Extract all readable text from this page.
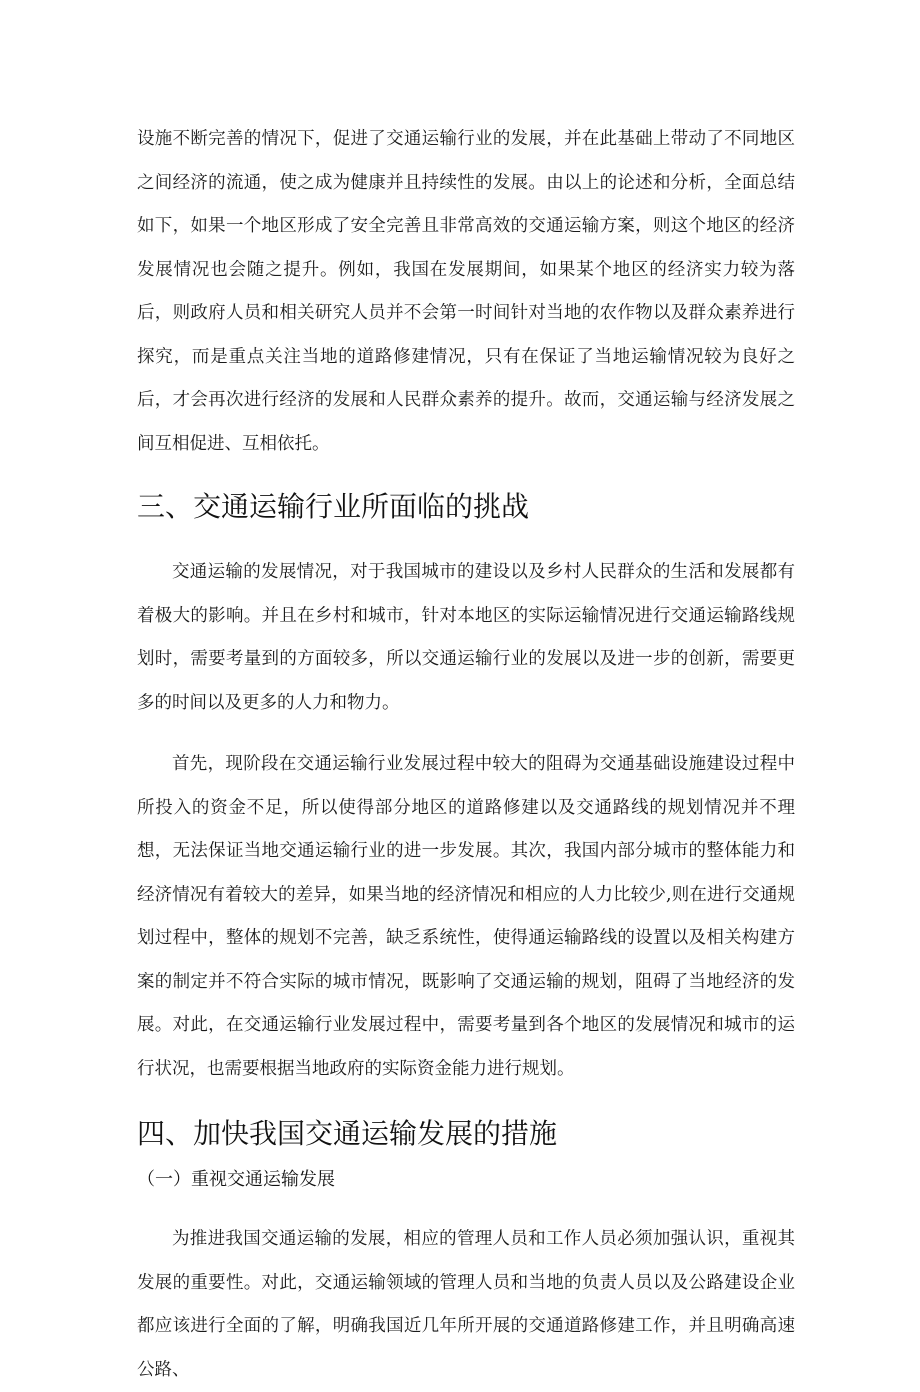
设施不断完善的情况下，促进了交通运输行业的发展，并在此基础上带动了不同地区之间经济的流通，使之成为健康并且持续性的发展。由以上的论述和分析，全面总结如下，如果一个地区形成了安全完善且非常高效的交通运输方案，则这个地区的经济发展情况也会随之提升。例如，我国在发展期间，如果某个地区的经济实力较为落后，则政府人员和相关研究人员并不会第一时间针对当地的农作物以及群众素养进行探究，而是重点关注当地的道路修建情况，只有在保证了当地运输情况较为良好之后，才会再次进行经济的发展和人民群众素养的提升。故而，交通运输与经济发展之间互相促进、互相依托。

三、交通运输行业所面临的挑战

交通运输的发展情况，对于我国城市的建设以及乡村人民群众的生活和发展都有着极大的影响。并且在乡村和城市，针对本地区的实际运输情况进行交通运输路线规划时，需要考量到的方面较多，所以交通运输行业的发展以及进一步的创新，需要更多的时间以及更多的人力和物力。

首先，现阶段在交通运输行业发展过程中较大的阻碍为交通基础设施建设过程中所投入的资金不足，所以使得部分地区的道路修建以及交通路线的规划情况并不理想，无法保证当地交通运输行业的进一步发展。其次，我国内部分城市的整体能力和经济情况有着较大的差异，如果当地的经济情况和相应的人力比较少,则在进行交通规划过程中，整体的规划不完善，缺乏系统性，使得通运输路线的设置以及相关构建方案的制定并不符合实际的城市情况，既影响了交通运输的规划，阻碍了当地经济的发展。对此，在交通运输行业发展过程中，需要考量到各个地区的发展情况和城市的运行状况，也需要根据当地政府的实际资金能力进行规划。

四、加快我国交通运输发展的措施
（一）重视交通运输发展

为推进我国交通运输的发展，相应的管理人员和工作人员必须加强认识，重视其发展的重要性。对此，交通运输领域的管理人员和当地的负责人员以及公路建设企业都应该进行全面的了解，明确我国近几年所开展的交通道路修建工作，并且明确高速公路、
